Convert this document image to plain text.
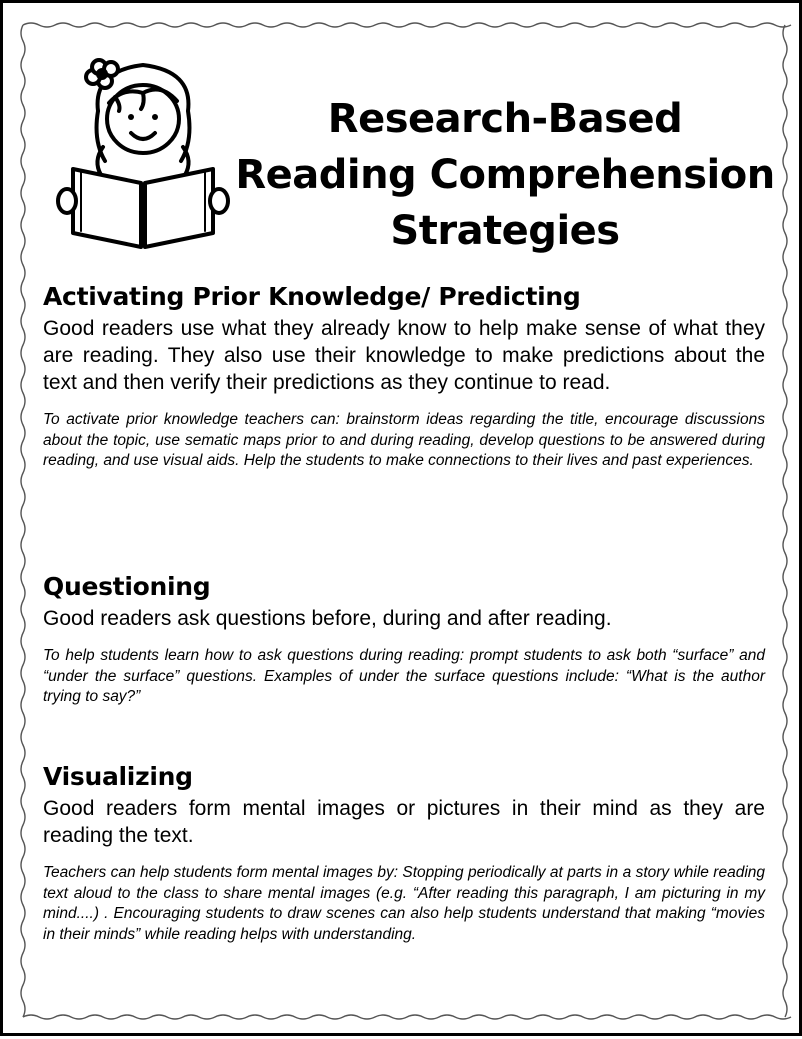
Research-Based
Reading Comprehension
Strategies
Activating Prior Knowledge/ Predicting

Good readers use what they already know to help make sense of what they are reading. They also use their knowledge to make predictions about the text and then verify their predictions as they continue to read.

To activate prior knowledge teachers can: brainstorm ideas regarding the title, encourage discussions about the topic, use sematic maps prior to and during reading, develop questions to be answered during reading, and use visual aids. Help the students to make connections to their lives and past experiences.

Questioning

Good readers ask questions before, during and after reading.

To help students learn how to ask questions during reading: prompt students to ask both “surface” and “under the surface” questions. Examples of under the surface questions include: “What is the author trying to say?”

Visualizing

Good readers form mental images or pictures in their mind as they are reading the text.

Teachers can help students form mental images by: Stopping periodically at parts in a story while reading text aloud to the class to share mental images (e.g. “After reading this paragraph, I am picturing in my mind....) . Encouraging students to draw scenes can also help students understand that making “movies in their minds” while reading helps with understanding.
